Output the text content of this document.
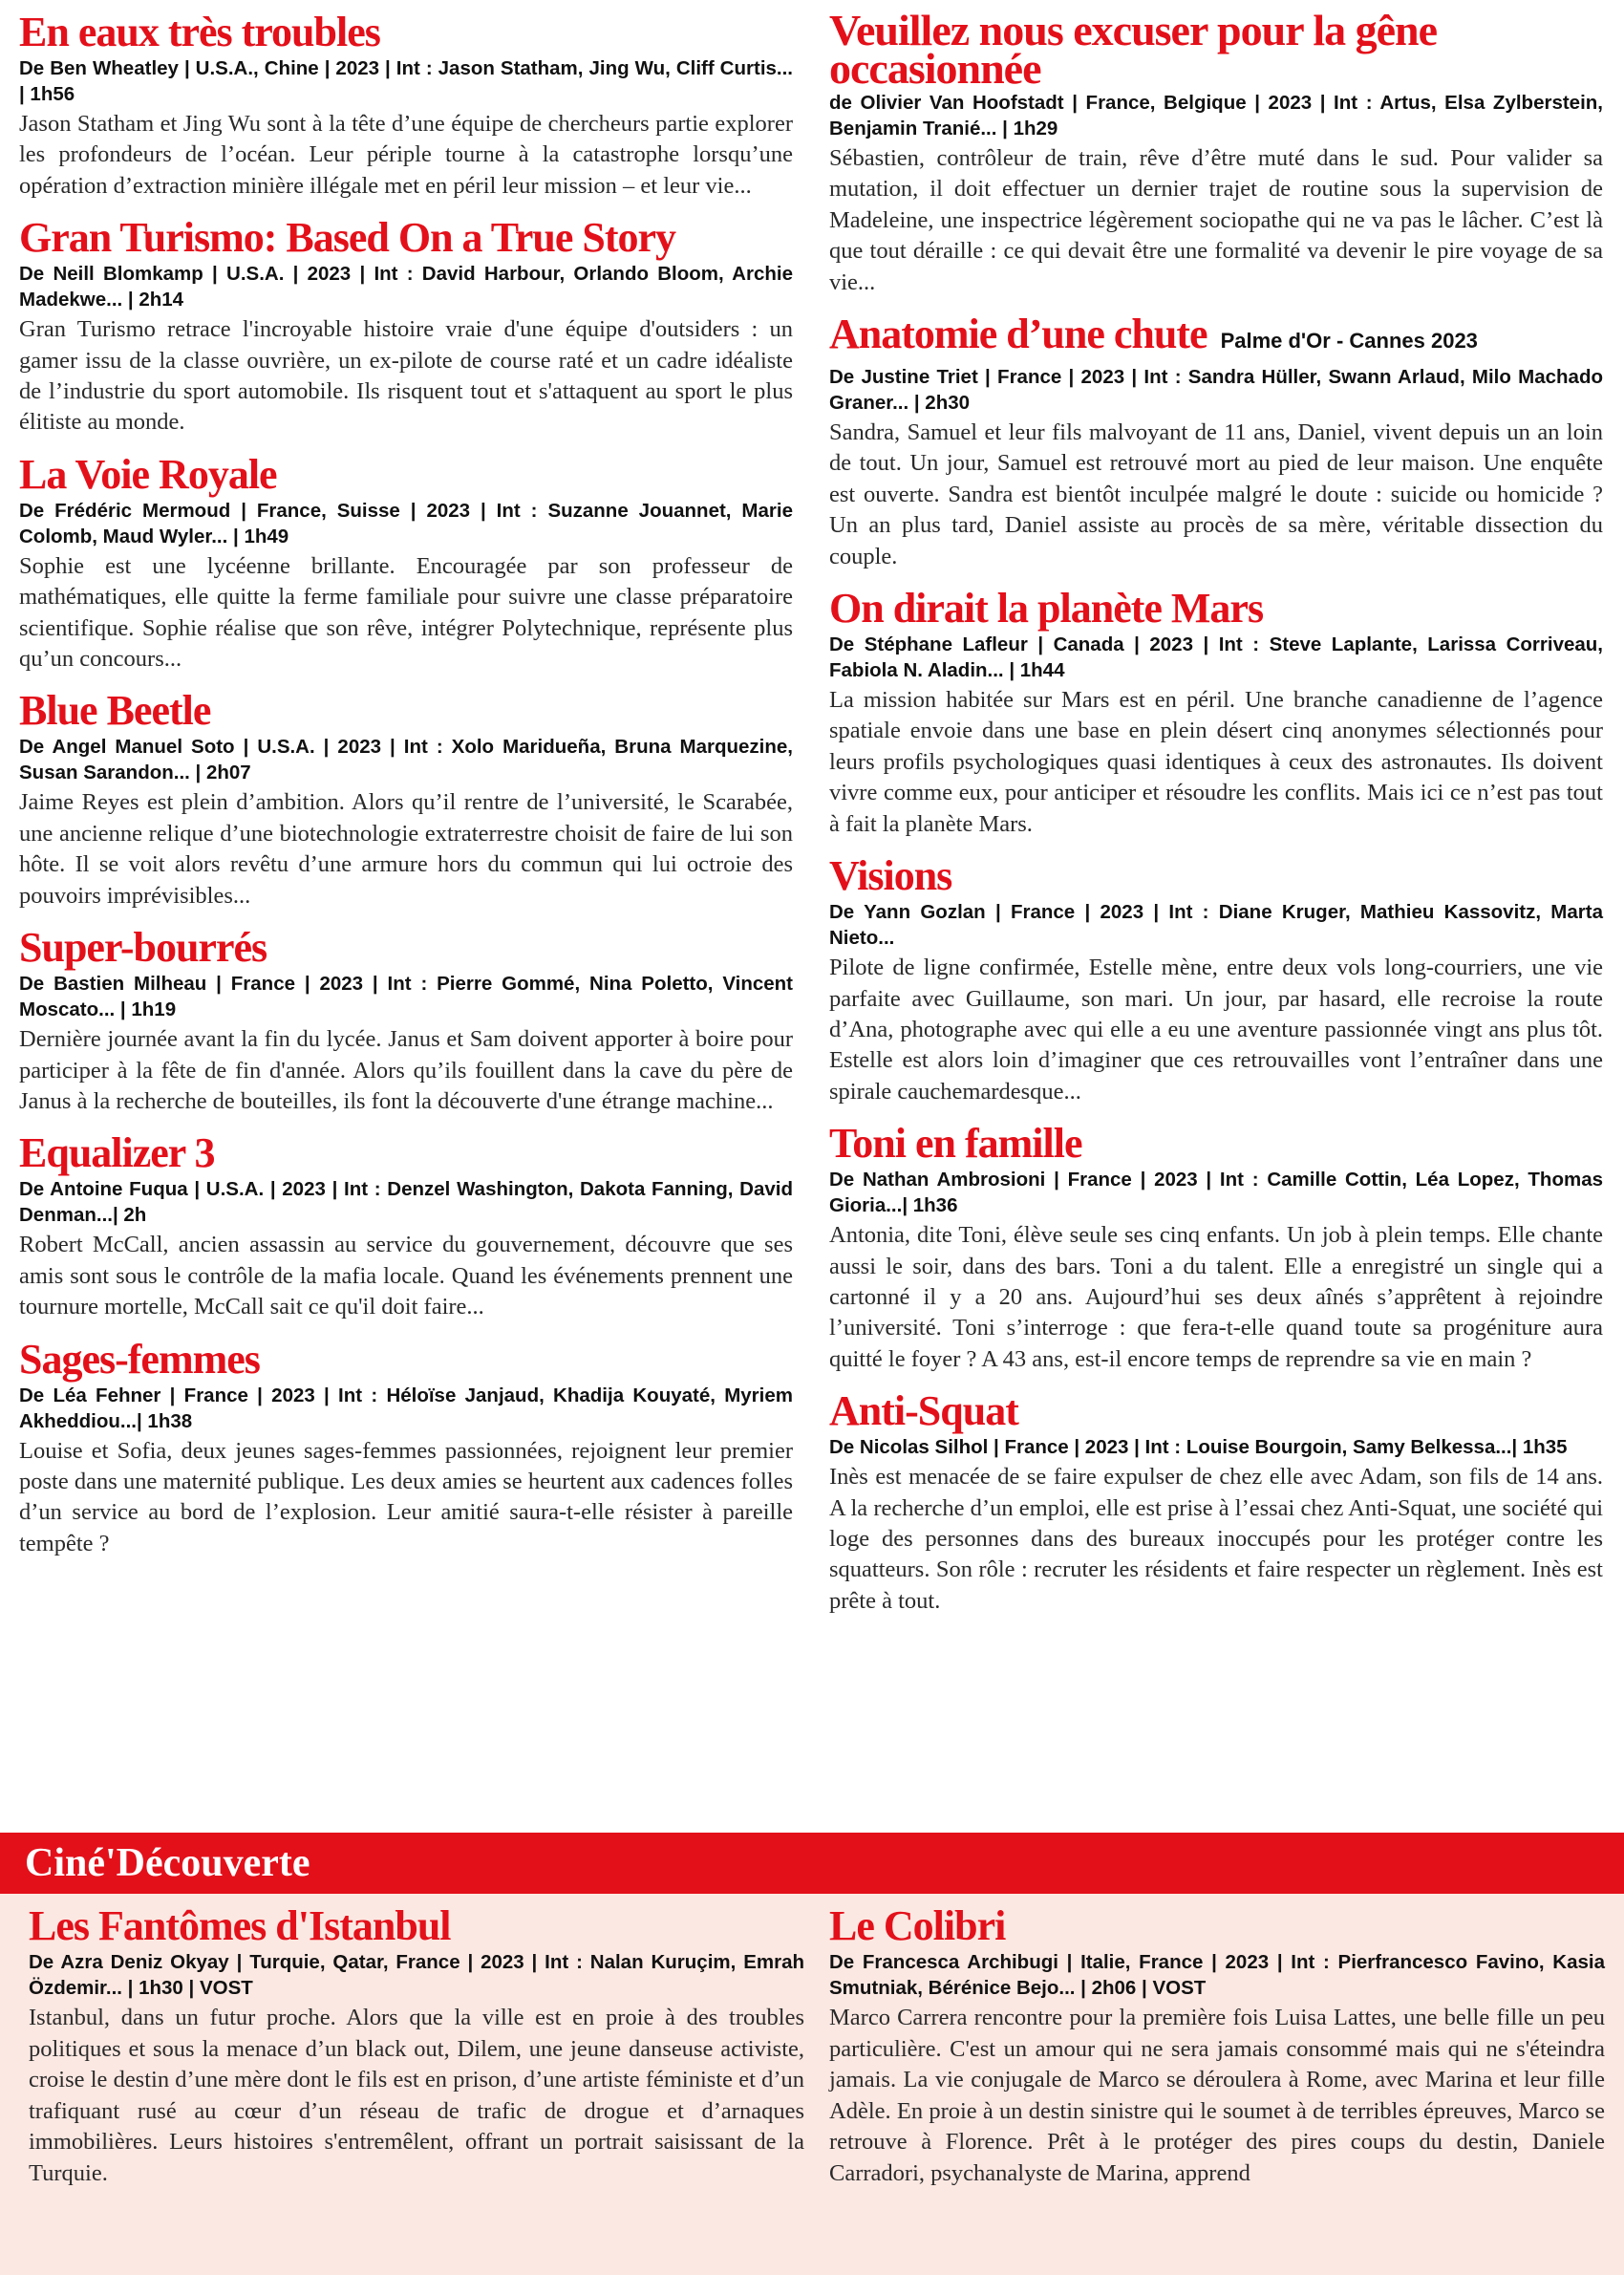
En eaux très troubles

De Ben Wheatley | U.S.A., Chine | 2023 | Int : Jason Statham, Jing Wu, Cliff Curtis... | 1h56

Jason Statham et Jing Wu sont à la tête d’une équipe de chercheurs partie explorer les profondeurs de l’océan. Leur périple tourne à la catastrophe lorsqu’une opération d’extraction minière illégale met en péril leur mission – et leur vie...

Gran Turismo: Based On a True Story

De Neill Blomkamp | U.S.A. | 2023 | Int : David Harbour, Orlando Bloom, Archie Madekwe... | 2h14

Gran Turismo retrace l'incroyable histoire vraie d'une équipe d'outsiders : un gamer issu de la classe ouvrière, un ex-pilote de course raté et un cadre idéaliste de l’industrie du sport automobile. Ils risquent tout et s'attaquent au sport le plus élitiste au monde.

La Voie Royale

De Frédéric Mermoud | France, Suisse | 2023 | Int : Suzanne Jouannet, Marie Colomb, Maud Wyler... | 1h49

Sophie est une lycéenne brillante. Encouragée par son professeur de mathématiques, elle quitte la ferme familiale pour suivre une classe préparatoire scientifique. Sophie réalise que son rêve, intégrer Polytechnique, représente plus qu’un concours...

Blue Beetle

De Angel Manuel Soto | U.S.A. | 2023 | Int : Xolo Maridueña, Bruna Marquezine, Susan Sarandon... | 2h07

Jaime Reyes est plein d’ambition. Alors qu’il rentre de l’université, le Scarabée, une ancienne relique d’une biotechnologie extraterrestre choisit de faire de lui son hôte. Il se voit alors revêtu d’une armure hors du commun qui lui octroie des pouvoirs imprévisibles...

Super-bourrés

De Bastien Milheau | France | 2023 | Int : Pierre Gommé, Nina Poletto, Vincent Moscato... | 1h19

Dernière journée avant la fin du lycée. Janus et Sam doivent apporter à boire pour participer à la fête de fin d'année. Alors qu’ils fouillent dans la cave du père de Janus à la recherche de bouteilles, ils font la découverte d'une étrange machine...

Equalizer 3

De Antoine Fuqua | U.S.A. | 2023 | Int : Denzel Washington, Dakota Fanning, David Denman...| 2h

Robert McCall, ancien assassin au service du gouvernement, découvre que ses amis sont sous le contrôle de la mafia locale. Quand les événements prennent une tournure mortelle, McCall sait ce qu'il doit faire...

Sages-femmes

De Léa Fehner | France | 2023 | Int : Héloïse Janjaud, Khadija Kouyaté, Myriem Akheddiou...| 1h38

Louise et Sofia, deux jeunes sages-femmes passionnées, rejoignent leur premier poste dans une maternité publique. Les deux amies se heurtent aux cadences folles d’un service au bord de l’explosion. Leur amitié saura-t-elle résister à pareille tempête ?

Veuillez nous excuser pour la gêne occasionnée

de Olivier Van Hoofstadt | France, Belgique | 2023 | Int : Artus, Elsa Zylberstein, Benjamin Tranié... | 1h29

Sébastien, contrôleur de train, rêve d’être muté dans le sud. Pour valider sa mutation, il doit effectuer un dernier trajet de routine sous la supervision de Madeleine, une inspectrice légèrement sociopathe qui ne va pas le lâcher. C’est là que tout déraille : ce qui devait être une formalité va devenir le pire voyage de sa vie...

Anatomie d’une chute Palme d'Or - Cannes 2023

De Justine Triet | France | 2023 | Int : Sandra Hüller, Swann Arlaud, Milo Machado Graner... | 2h30

Sandra, Samuel et leur fils malvoyant de 11 ans, Daniel, vivent depuis un an loin de tout. Un jour, Samuel est retrouvé mort au pied de leur maison. Une enquête est ouverte. Sandra est bientôt inculpée malgré le doute : suicide ou homicide ? Un an plus tard, Daniel assiste au procès de sa mère, véritable dissection du couple.

On dirait la planète Mars

De Stéphane Lafleur | Canada | 2023 | Int : Steve Laplante, Larissa Corriveau, Fabiola N. Aladin... | 1h44

La mission habitée sur Mars est en péril. Une branche canadienne de l’agence spatiale envoie dans une base en plein désert cinq anonymes sélectionnés pour leurs profils psychologiques quasi identiques à ceux des astronautes. Ils doivent vivre comme eux, pour anticiper et résoudre les conflits. Mais ici ce n’est pas tout à fait la planète Mars.

Visions

De Yann Gozlan | France | 2023 | Int : Diane Kruger, Mathieu Kassovitz, Marta Nieto...

Pilote de ligne confirmée, Estelle mène, entre deux vols long-courriers, une vie parfaite avec Guillaume, son mari. Un jour, par hasard, elle recroise la route d’Ana, photographe avec qui elle a eu une aventure passionnée vingt ans plus tôt. Estelle est alors loin d’imaginer que ces retrouvailles vont l’entraîner dans une spirale cauchemardesque...

Toni en famille

De Nathan Ambrosioni | France | 2023 | Int : Camille Cottin, Léa Lopez, Thomas Gioria...| 1h36

Antonia, dite Toni, élève seule ses cinq enfants. Un job à plein temps. Elle chante aussi le soir, dans des bars. Toni a du talent. Elle a enregistré un single qui a cartonné il y a 20 ans. Aujourd’hui ses deux aînés s’apprêtent à rejoindre l’université. Toni s’interroge : que fera-t-elle quand toute sa progéniture aura quitté le foyer ? A 43 ans, est-il encore temps de reprendre sa vie en main ?

Anti-Squat

De Nicolas Silhol | France | 2023 | Int : Louise Bourgoin, Samy Belkessa...| 1h35

Inès est menacée de se faire expulser de chez elle avec Adam, son fils de 14 ans. A la recherche d’un emploi, elle est prise à l’essai chez Anti-Squat, une société qui loge des personnes dans des bureaux inoccupés pour les protéger contre les squatteurs. Son rôle : recruter les résidents et faire respecter un règlement. Inès est prête à tout.

Ciné'Découverte
Les Fantômes d'Istanbul

De Azra Deniz Okyay | Turquie, Qatar, France | 2023 | Int : Nalan Kuruçim, Emrah Özdemir... | 1h30 | VOST

Istanbul, dans un futur proche. Alors que la ville est en proie à des troubles politiques et sous la menace d’un black out, Dilem, une jeune danseuse activiste, croise le destin d’une mère dont le fils est en prison, d’une artiste féministe et d’un trafiquant rusé au cœur d’un réseau de trafic de drogue et d’arnaques immobilières. Leurs histoires s'entremêlent, offrant un portrait saisissant de la Turquie.

Le Colibri

De Francesca Archibugi | Italie, France | 2023 | Int : Pierfrancesco Favino, Kasia Smutniak, Bérénice Bejo... | 2h06 | VOST

Marco Carrera rencontre pour la première fois Luisa Lattes, une belle fille un peu particulière. C'est un amour qui ne sera jamais consommé mais qui ne s'éteindra jamais. La vie conjugale de Marco se déroulera à Rome, avec Marina et leur fille Adèle. En proie à un destin sinistre qui le soumet à de terribles épreuves, Marco se retrouve à Florence. Prêt à le protéger des pires coups du destin, Daniele Carradori, psychanalyste de Marina, apprend
